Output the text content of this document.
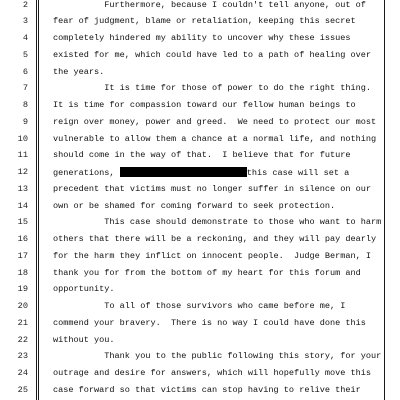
2
3
4
5
6
7
8
9
10
11
12
13
14
15
16
17
18
19
20
21
22
23
24
25
Furthermore, because I couldn't tell anyone, out of
fear of judgment, blame or retaliation, keeping this secret
completely hindered my ability to uncover why these issues
existed for me, which could have led to a path of healing over
the years.
It is time for those of power to do the right thing.
It is time for compassion toward our fellow human beings to
reign over money, power and greed.  We need to protect our most
vulnerable to allow them a chance at a normal life, and nothing
should come in the way of that.  I believe that for future
generations,	this case will set a
precedent that victims must no longer suffer in silence on our
own or be shamed for coming forward to seek protection.
This case should demonstrate to those who want to harm
others that there will be a reckoning, and they will pay dearly
for the harm they inflict on innocent people.  Judge Berman, I
thank you for from the bottom of my heart for this forum and
opportunity.
To all of those survivors who came before me, I
commend your bravery.  There is no way I could have done this
without you.
Thank you to the public following this story, for your
outrage and desire for answers, which will hopefully move this
case forward so that victims can stop having to relive their
